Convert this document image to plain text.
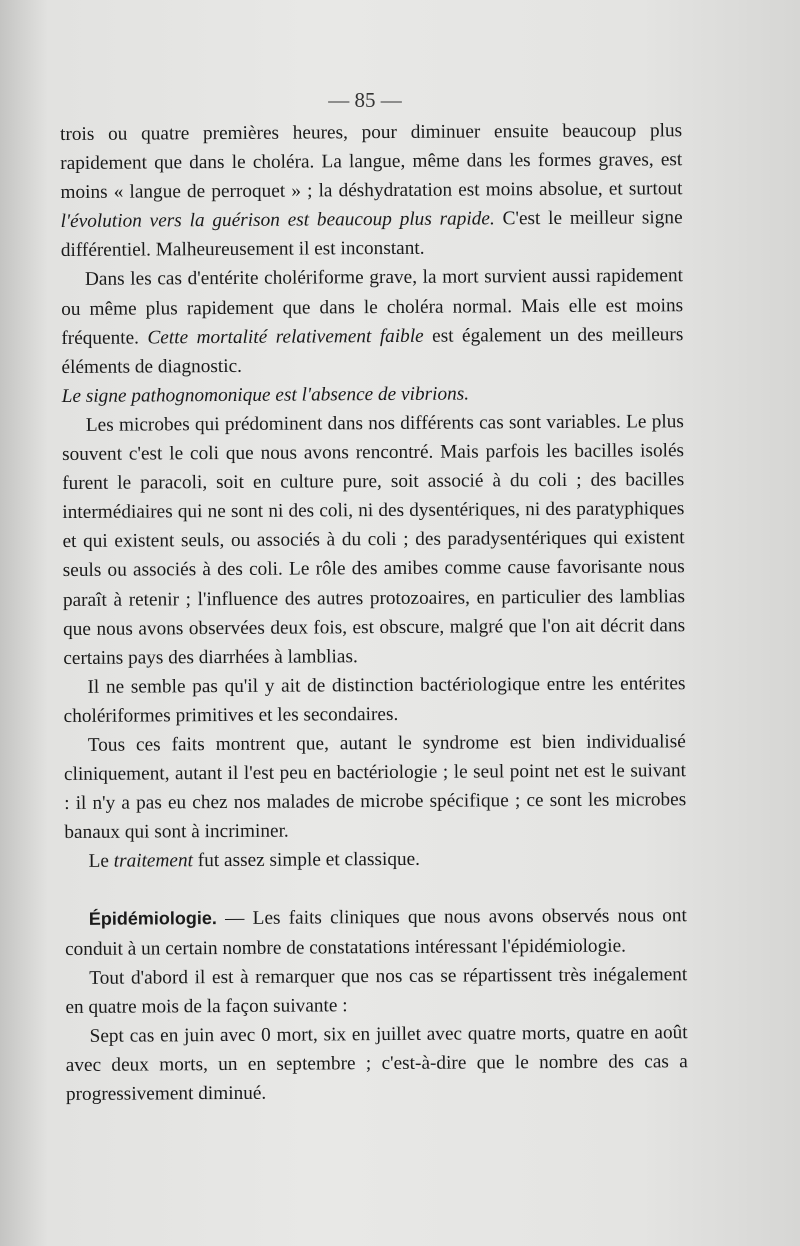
— 85 —

trois ou quatre premières heures, pour diminuer ensuite beaucoup plus rapidement que dans le choléra. La langue, même dans les formes graves, est moins « langue de perroquet » ; la déshydratation est moins absolue, et surtout l'évolution vers la guérison est beaucoup plus rapide. C'est le meilleur signe différentiel. Malheureusement il est inconstant.

Dans les cas d'entérite cholériforme grave, la mort survient aussi rapidement ou même plus rapidement que dans le choléra normal. Mais elle est moins fréquente. Cette mortalité relativement faible est également un des meilleurs éléments de diagnostic.

Le signe pathognomonique est l'absence de vibrions.

Les microbes qui prédominent dans nos différents cas sont variables. Le plus souvent c'est le coli que nous avons rencontré. Mais parfois les bacilles isolés furent le paracoli, soit en culture pure, soit associé à du coli ; des bacilles intermédiaires qui ne sont ni des coli, ni des dysentériques, ni des paratyphiques et qui existent seuls, ou associés à du coli ; des paradysentériques qui existent seuls ou associés à des coli. Le rôle des amibes comme cause favorisante nous paraît à retenir ; l'influence des autres protozoaires, en particulier des lamblias que nous avons observées deux fois, est obscure, malgré que l'on ait décrit dans certains pays des diarrhées à lamblias.

Il ne semble pas qu'il y ait de distinction bactériologique entre les entérites cholériformes primitives et les secondaires.

Tous ces faits montrent que, autant le syndrome est bien individualisé cliniquement, autant il l'est peu en bactériologie ; le seul point net est le suivant : il n'y a pas eu chez nos malades de microbe spécifique ; ce sont les microbes banaux qui sont à incriminer.

Le traitement fut assez simple et classique.

Épidémiologie. — Les faits cliniques que nous avons observés nous ont conduit à un certain nombre de constatations intéressant l'épidémiologie.

Tout d'abord il est à remarquer que nos cas se répartissent très inégalement en quatre mois de la façon suivante :

Sept cas en juin avec 0 mort, six en juillet avec quatre morts, quatre en août avec deux morts, un en septembre ; c'est-à-dire que le nombre des cas a progressivement diminué.
